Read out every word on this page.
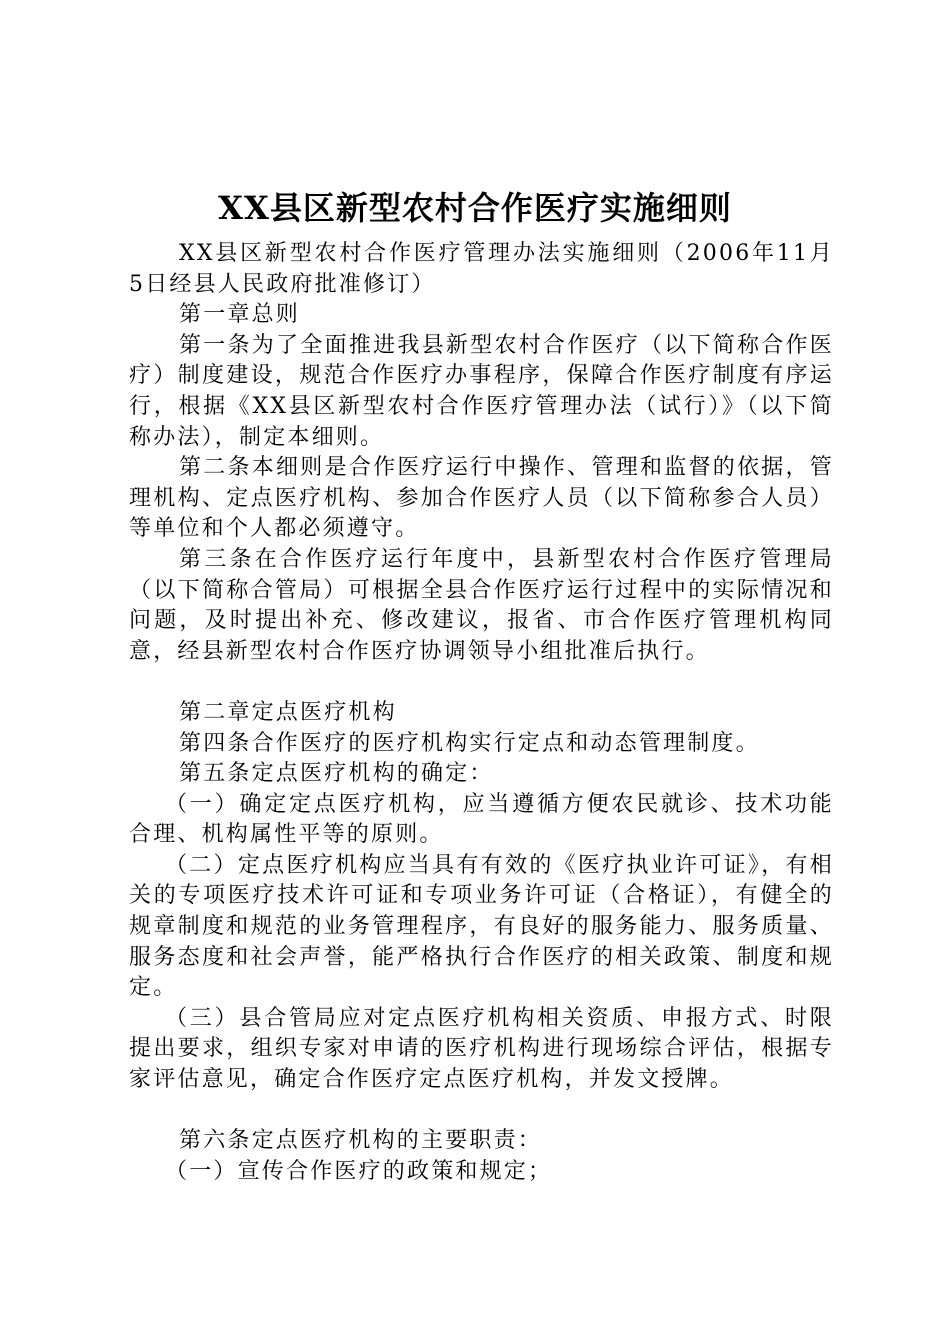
XX县区新型农村合作医疗实施细则

XX县区新型农村合作医疗管理办法实施细则（2006年11月5日经县人民政府批准修订）

第一章总则

第一条为了全面推进我县新型农村合作医疗（以下简称合作医疗）制度建设，规范合作医疗办事程序，保障合作医疗制度有序运行，根据《XX县区新型农村合作医疗管理办法（试行）》（以下简称办法），制定本细则。

第二条本细则是合作医疗运行中操作、管理和监督的依据，管理机构、定点医疗机构、参加合作医疗人员（以下简称参合人员）等单位和个人都必须遵守。

第三条在合作医疗运行年度中，县新型农村合作医疗管理局（以下简称合管局）可根据全县合作医疗运行过程中的实际情况和问题，及时提出补充、修改建议，报省、市合作医疗管理机构同意，经县新型农村合作医疗协调领导小组批准后执行。

第二章定点医疗机构

第四条合作医疗的医疗机构实行定点和动态管理制度。

第五条定点医疗机构的确定：

（一）确定定点医疗机构，应当遵循方便农民就诊、技术功能合理、机构属性平等的原则。

（二）定点医疗机构应当具有有效的《医疗执业许可证》，有相关的专项医疗技术许可证和专项业务许可证（合格证），有健全的规章制度和规范的业务管理程序，有良好的服务能力、服务质量、服务态度和社会声誉，能严格执行合作医疗的相关政策、制度和规定。

（三）县合管局应对定点医疗机构相关资质、申报方式、时限提出要求，组织专家对申请的医疗机构进行现场综合评估，根据专家评估意见，确定合作医疗定点医疗机构，并发文授牌。

第六条定点医疗机构的主要职责：

（一）宣传合作医疗的政策和规定；
